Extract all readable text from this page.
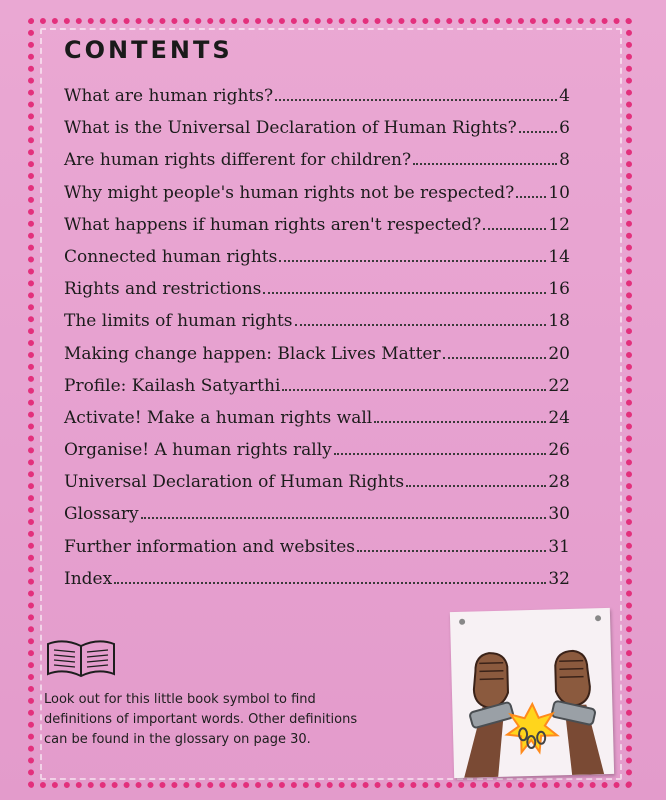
CONTENTS
What are human rights?	4
What is the Universal Declaration of Human Rights? 6
Are human rights different for children?	8
Why might people's human rights not be respected? 10
What happens if human rights aren't respected?	12
Connected human rights	14
Rights and restrictions	16
The limits of human rights	18
Making change happen: Black Lives Matter	20
Profile: Kailash Satyarthi	22
Activate! Make a human rights wall	24
Organise! A human rights rally	26
Universal Declaration of Human Rights	28
Glossary	30
Further information and websites	31
Index	32
Look out for this little book symbol to find definitions of important words. Other definitions can be found in the glossary on page 30.
